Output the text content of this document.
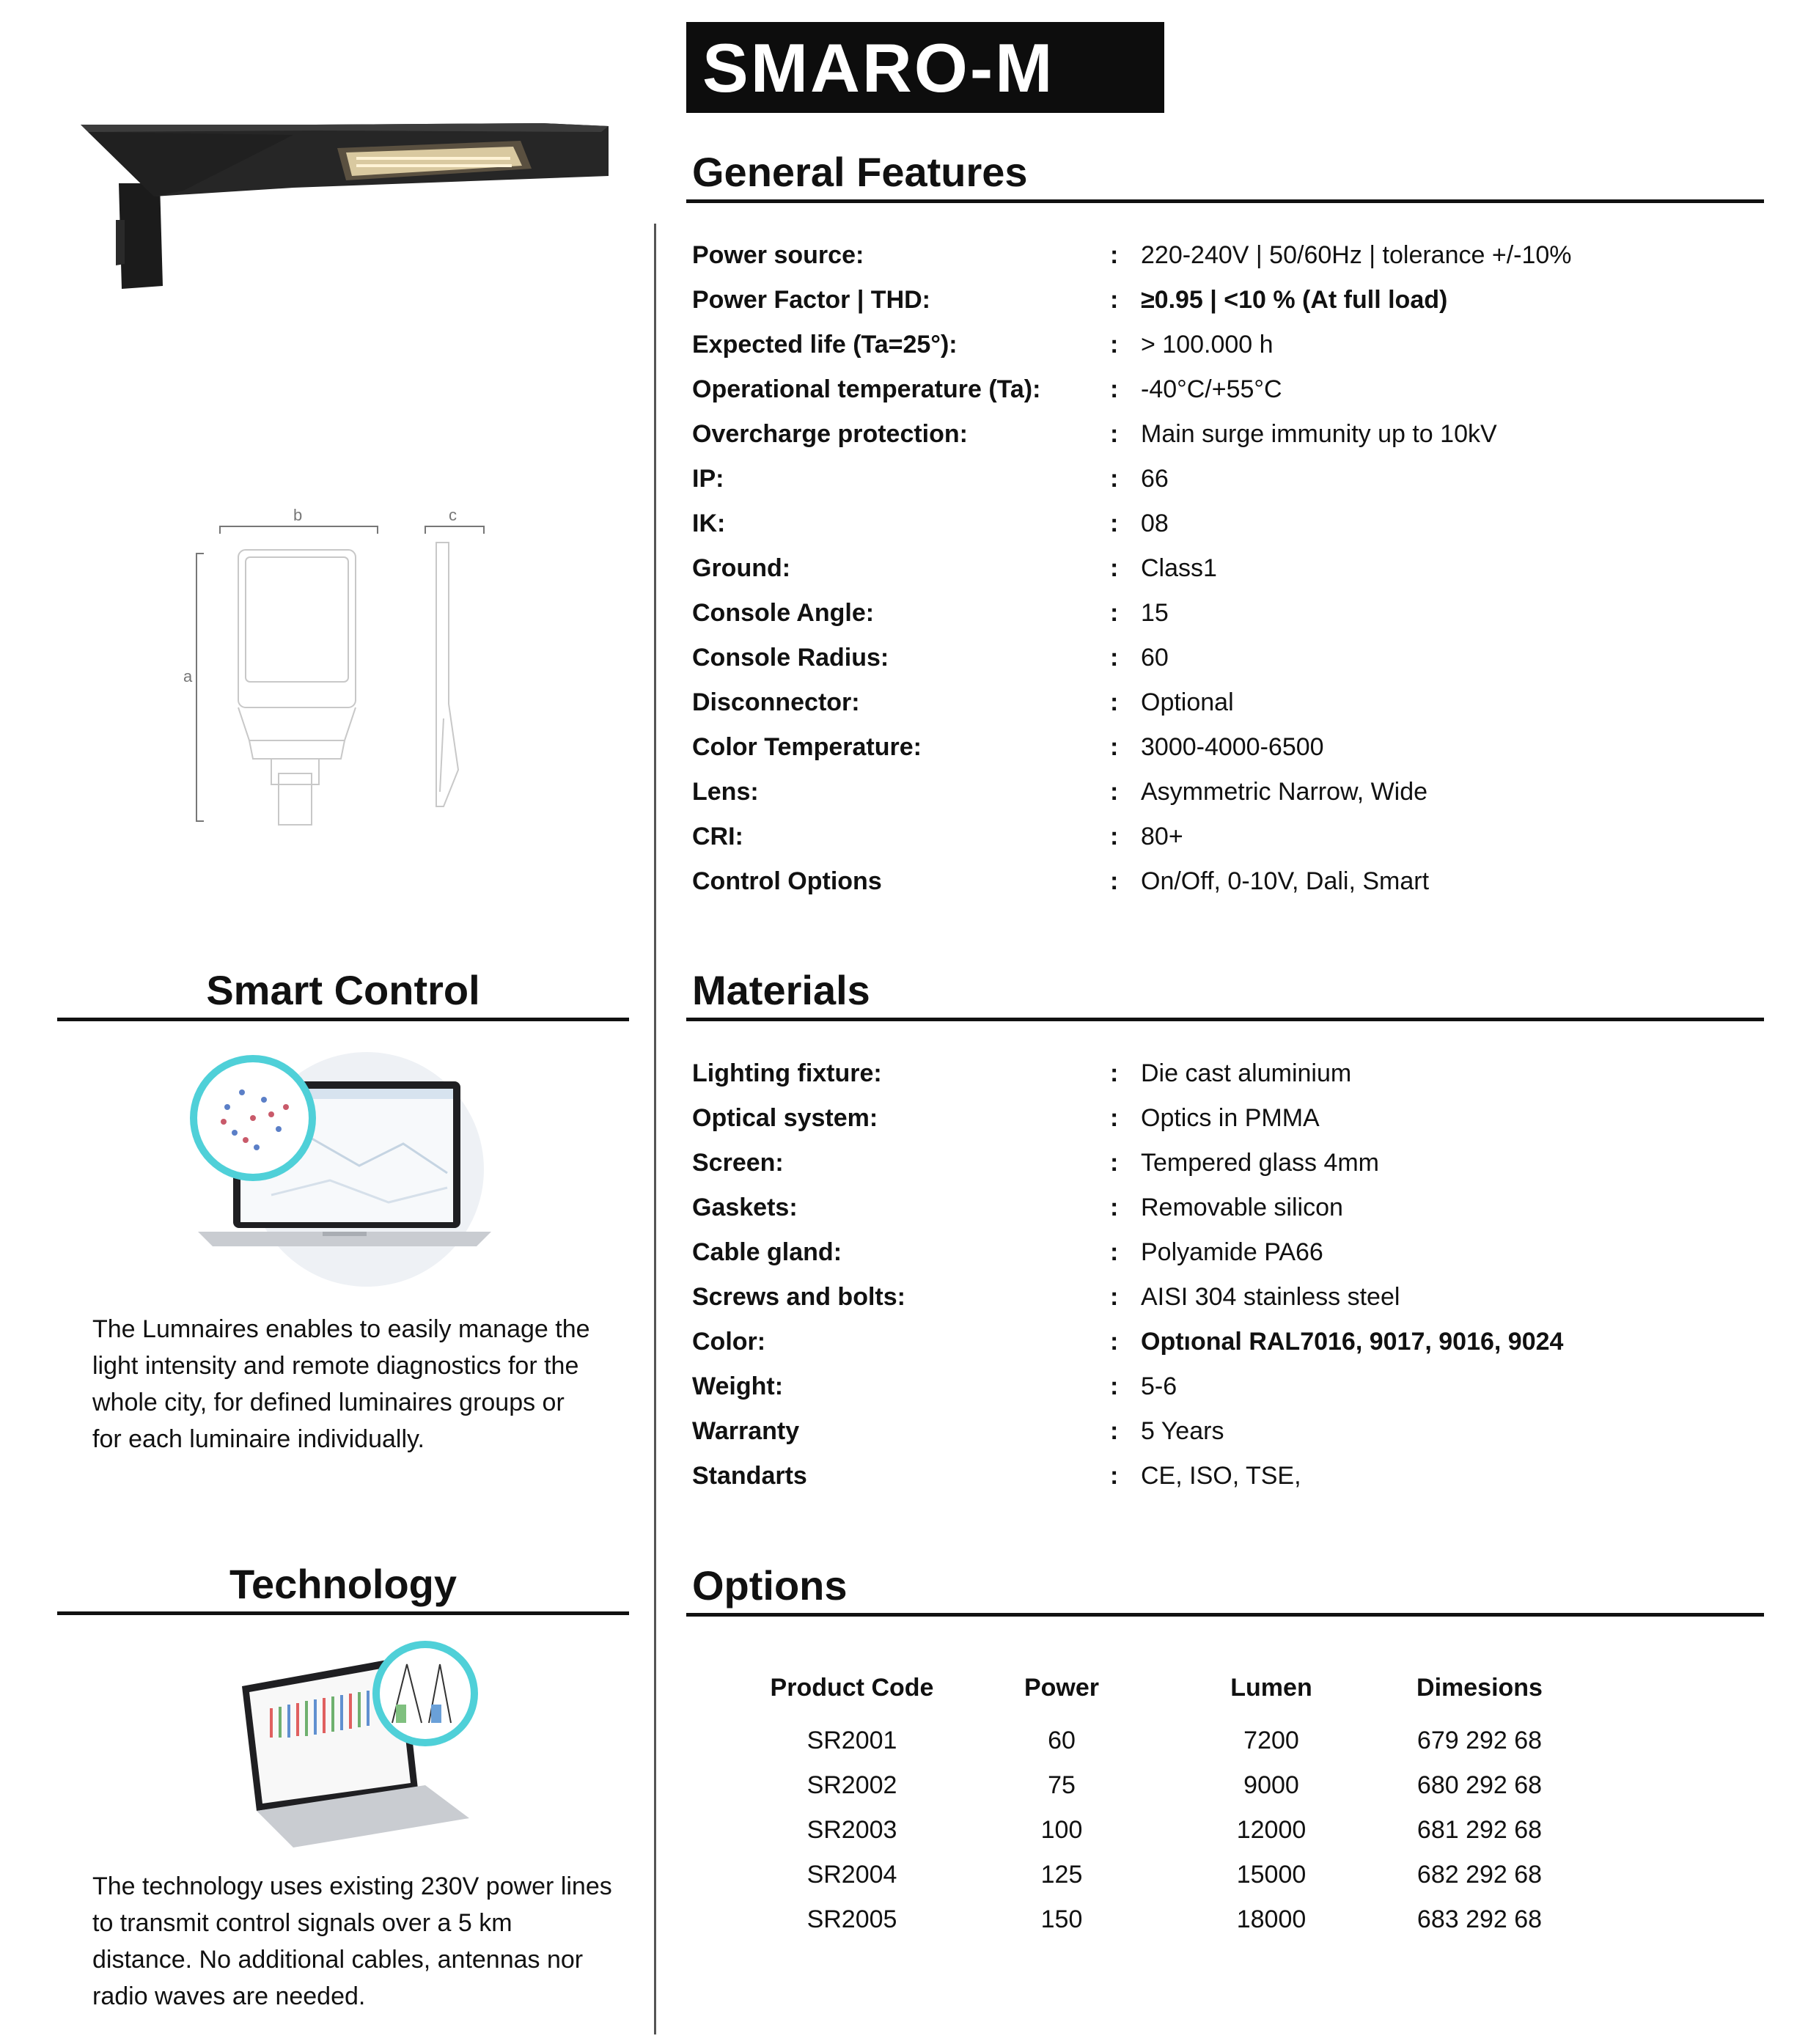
SMARO-M
b	c
a
General Features
Power source:	: 220-240V | 50/60Hz | tolerance +/-10%
Power Factor | THD:	: ≥0.95 | <10 % (At full load)
Expected life (Ta=25°):	: > 100.000 h
Operational temperature (Ta):	: -40°C/+55°C
Overcharge protection:	: Main surge immunity up to 10kV
IP:	: 66
IK:	: 08
Ground:	: Class1
Console Angle:	: 15
Console Radius:	: 60
Disconnector:	: Optional
Color Temperature:	: 3000-4000-6500
Lens:	: Asymmetric Narrow, Wide
CRI:	: 80+
Control Options	: On/Off, 0-10V, Dali, Smart
Materials
Lighting fixture:	: Die cast aluminium
Optical system:	: Optics in PMMA
Screen:	: Tempered glass 4mm
Gaskets:	: Removable silicon
Cable gland:	: Polyamide PA66
Screws and bolts:	: AISI 304 stainless steel
Color:	: Optıonal RAL7016, 9017, 9016, 9024
Weight:	: 5-6
Warranty	: 5 Years
Standarts	: CE, ISO, TSE,
Options
Product Code	Power	Lumen	Dimesions
SR2001	60	7200	679 292 68
SR2002	75	9000	680 292 68
SR2003	100	12000	681 292 68
SR2004	125	15000	682 292 68
SR2005	150	18000	683 292 68
Smart Control
The Lumnaires enables to easily manage the
light intensity and remote diagnostics for the
whole city, for defined luminaires groups or
for each luminaire individually.
Technology
The technology uses existing 230V power lines
to transmit control signals over a 5 km
distance. No additional cables, antennas nor
radio waves are needed.
